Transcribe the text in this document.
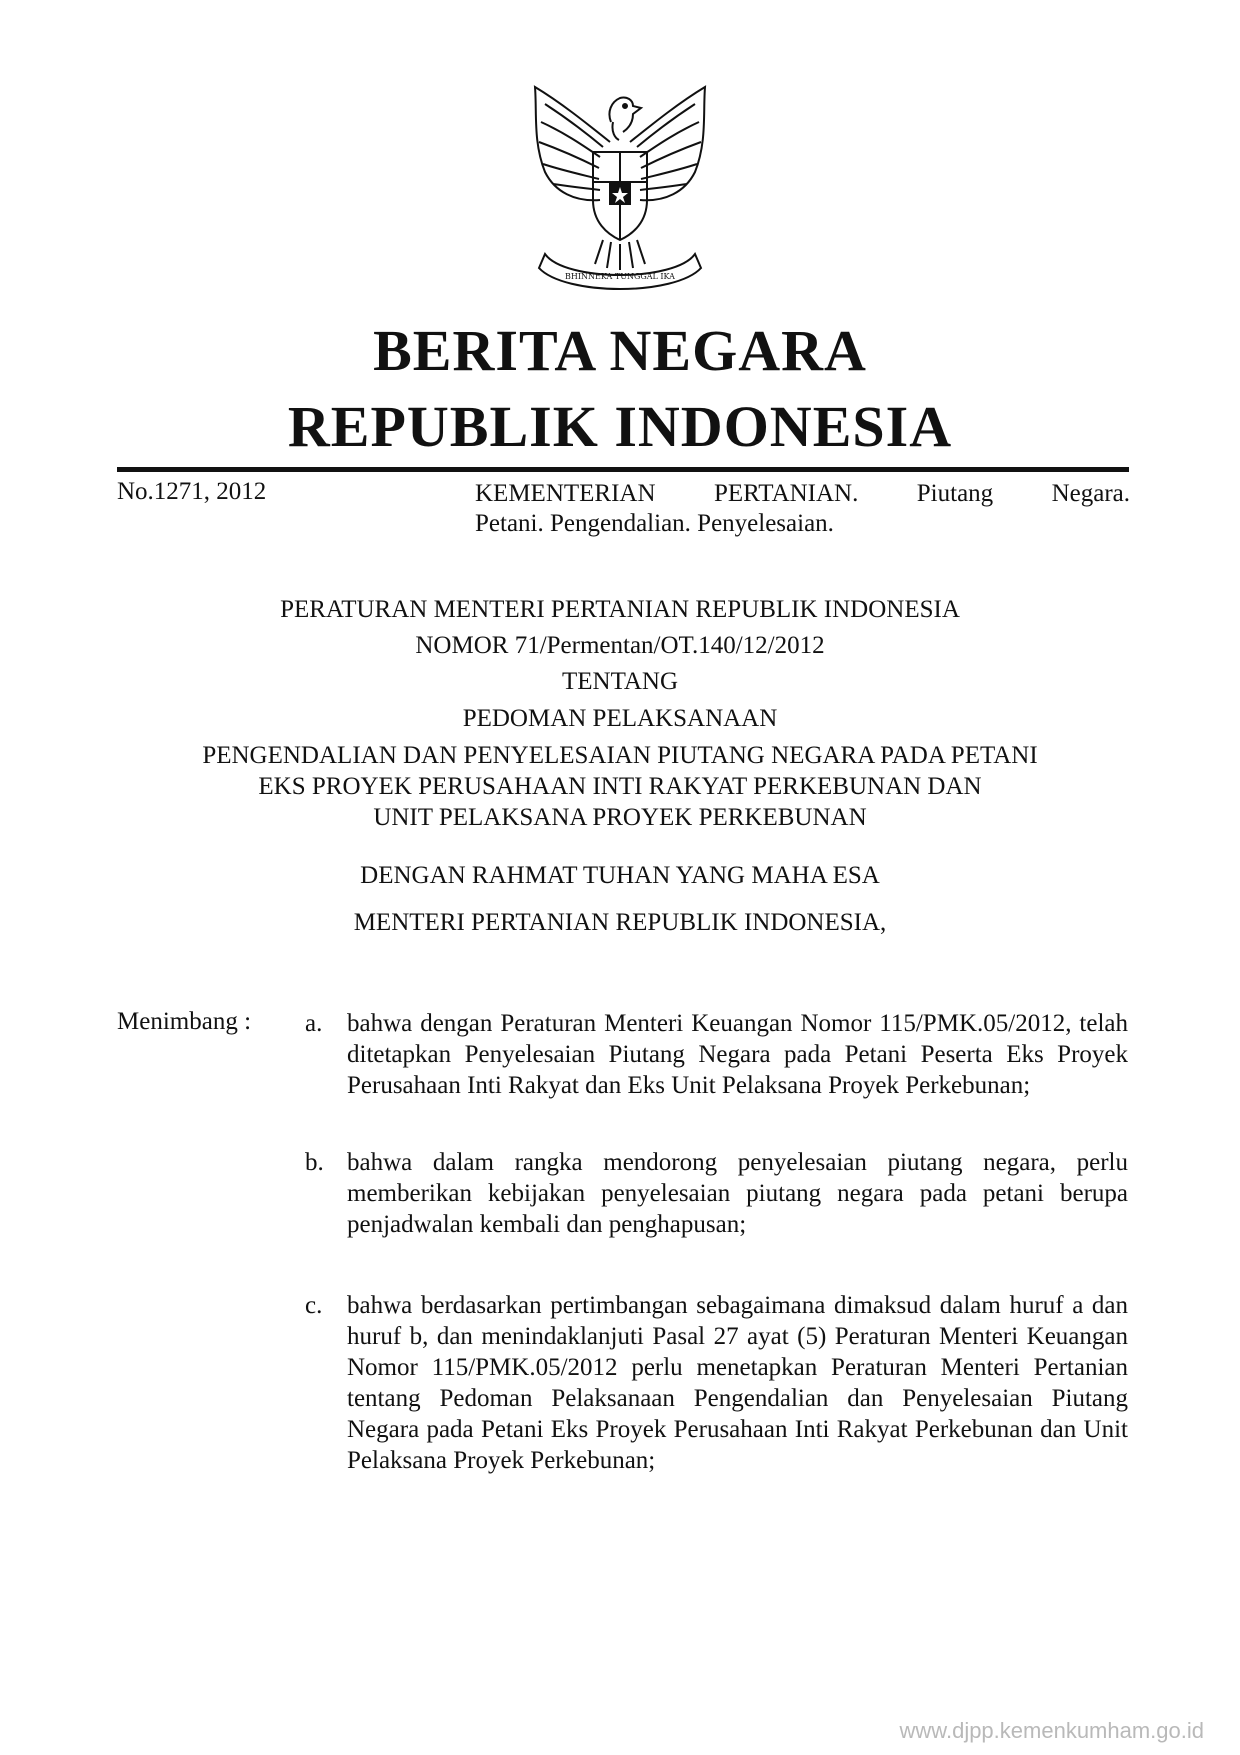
BHINNEKA TUNGGAL IKA
BERITA NEGARA
REPUBLIK INDONESIA
No.1271, 2012	KEMENTERIAN PERTANIAN. Piutang Negara.
Petani. Pengendalian. Penyelesaian.
PERATURAN MENTERI PERTANIAN REPUBLIK INDONESIA
NOMOR 71/Permentan/OT.140/12/2012
TENTANG
PEDOMAN PELAKSANAAN
PENGENDALIAN DAN PENYELESAIAN PIUTANG NEGARA PADA PETANI
EKS PROYEK PERUSAHAAN INTI RAKYAT PERKEBUNAN DAN
UNIT PELAKSANA PROYEK PERKEBUNAN
DENGAN RAHMAT TUHAN YANG MAHA ESA
MENTERI PERTANIAN REPUBLIK INDONESIA,
Menimbang : a. bahwa dengan Peraturan Menteri Keuangan Nomor 115/PMK.05/2012, telah ditetapkan Penyelesaian Piutang Negara pada Petani Peserta Eks Proyek Perusahaan Inti Rakyat dan Eks Unit Pelaksana Proyek Perkebunan;
b. bahwa dalam rangka mendorong penyelesaian piutang negara, perlu memberikan kebijakan penyelesaian piutang negara pada petani berupa penjadwalan kembali dan penghapusan;
c. bahwa berdasarkan pertimbangan sebagaimana dimaksud dalam huruf a dan huruf b, dan menindaklanjuti Pasal 27 ayat (5) Peraturan Menteri Keuangan Nomor 115/PMK.05/2012 perlu menetapkan Peraturan Menteri Pertanian tentang Pedoman Pelaksanaan Pengendalian dan Penyelesaian Piutang Negara pada Petani Eks Proyek Perusahaan Inti Rakyat Perkebunan dan Unit Pelaksana Proyek Perkebunan;
www.djpp.kemenkumham.go.id
